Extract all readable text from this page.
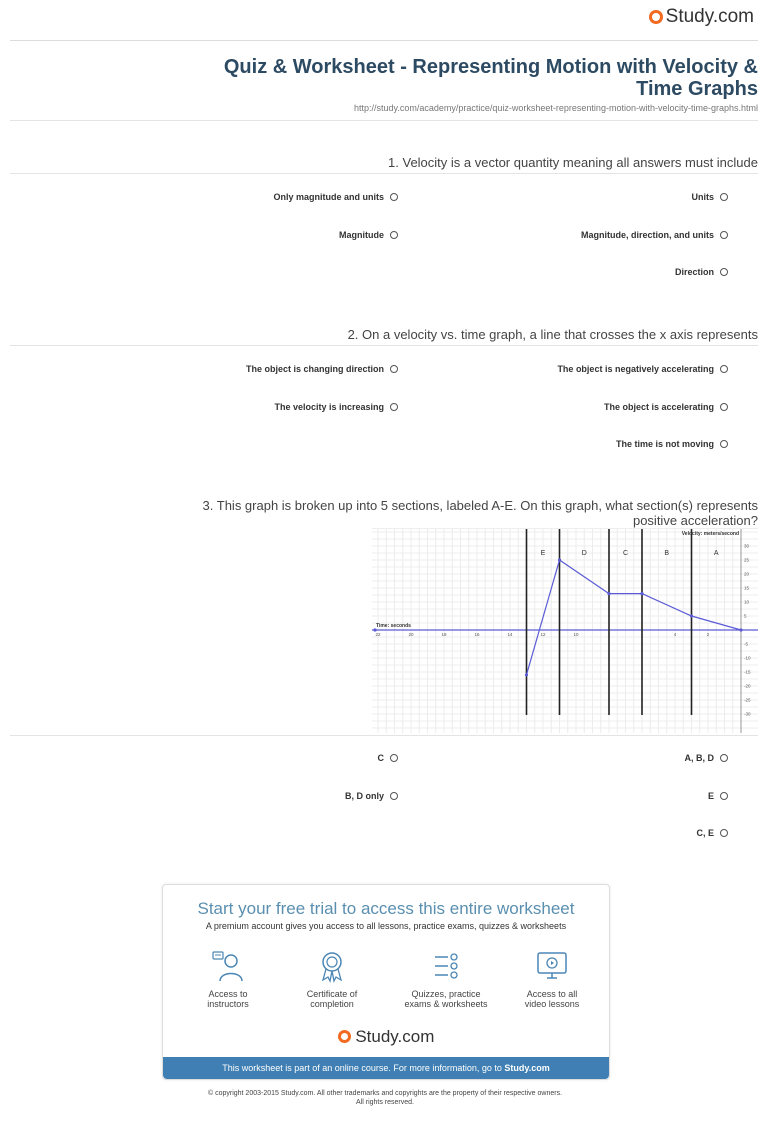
Study.com
Quiz & Worksheet - Representing Motion with Velocity & Time Graphs
http://study.com/academy/practice/quiz-worksheet-representing-motion-with-velocity-time-graphs.html
1. Velocity is a vector quantity meaning all answers must include
Units
Only magnitude and units
Magnitude, direction, and units
Magnitude
Direction
2. On a velocity vs. time graph, a line that crosses the x axis represents
The object is negatively accelerating
The object is changing direction
The object is accelerating
The velocity is increasing
The time is not moving
3. This graph is broken up into 5 sections, labeled A-E. On this graph, what section(s) represents positive acceleration?
A
B
C
D
E
2
4
6
8
10
12
14
16
18
20
22
30
25
20
15
10
5
-5
-10
-15
-20
-25
-30
Velocity: meters/second
Time: seconds
A, B, D
C
E
B, D only
C, E
Start your free trial to access this entire worksheet
A premium account gives you access to all lessons, practice exams, quizzes & worksheets
Access to all
video lessons
Quizzes, practice
exams & worksheets
Certificate of
completion
Access to
instructors
Study.com
This worksheet is part of an online course. For more information, go to
Study.com
© copyright 2003-2015 Study.com. All other trademarks and copyrights are the property of their respective owners.
All rights reserved.
